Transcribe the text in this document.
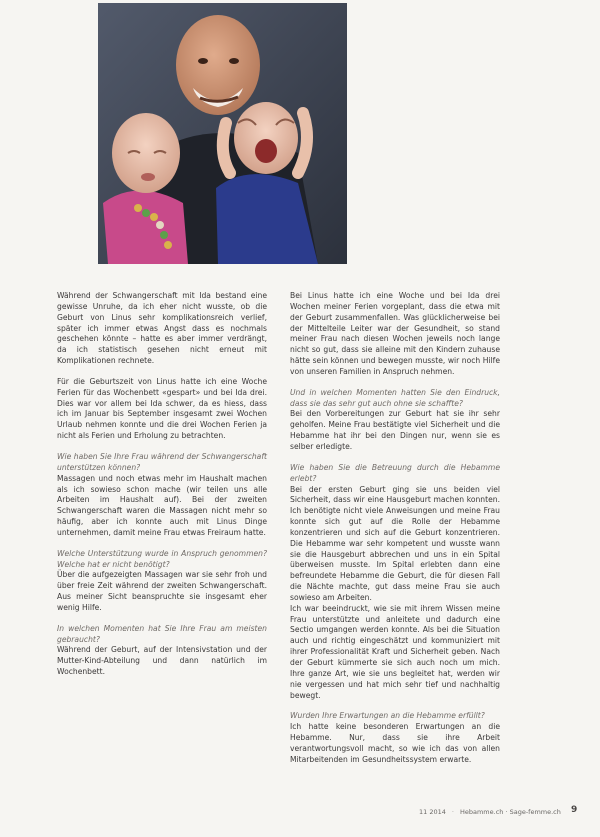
Während der Schwangerschaft mit Ida bestand eine gewisse Unruhe, da ich eher nicht wusste, ob die Geburt von Linus sehr komplikationsreich verlief, später ich immer etwas Angst dass es nochmals geschehen könnte – hatte es aber immer verdrängt, da ich statistisch gesehen nicht erneut mit Komplikationen rechnete.

Für die Geburtszeit von Linus hatte ich eine Woche Ferien für das Wochenbett «gespart» und bei Ida drei. Dies war vor allem bei Ida schwer, da es hiess, dass ich im Januar bis September insgesamt zwei Wochen Urlaub nehmen konnte und die drei Wochen Ferien ja nicht als Ferien und Erholung zu betrachten.

Wie haben Sie Ihre Frau während der Schwangerschaft unterstützen können?

Massagen und noch etwas mehr im Haushalt machen als ich sowieso schon mache (wir teilen uns alle Arbeiten im Haushalt auf). Bei der zweiten Schwangerschaft waren die Massagen nicht mehr so häufig, aber ich konnte auch mit Linus Dinge unternehmen, damit meine Frau etwas Freiraum hatte.

Welche Unterstützung wurde in Anspruch genommen? Welche hat er nicht benötigt?

Über die aufgezeigten Massagen war sie sehr froh und über freie Zeit während der zweiten Schwangerschaft. Aus meiner Sicht beanspruchte sie insgesamt eher wenig Hilfe.

In welchen Momenten hat Sie Ihre Frau am meisten gebraucht?

Während der Geburt, auf der Intensivstation und der Mutter-Kind-Abteilung und dann natürlich im Wochenbett.

Bei Linus hatte ich eine Woche und bei Ida drei Wochen meiner Ferien vorgeplant, dass die etwa mit der Geburt zusammenfallen. Was glücklicherweise bei der Mittelteile Leiter war der Gesundheit, so stand meiner Frau nach diesen Wochen jeweils noch lange nicht so gut, dass sie alleine mit den Kindern zuhause hätte sein können und bewegen musste, wir noch Hilfe von unseren Familien in Anspruch nehmen.

Und in welchen Momenten hatten Sie den Eindruck, dass sie das sehr gut auch ohne sie schaffte?

Bei den Vorbereitungen zur Geburt hat sie ihr sehr geholfen. Meine Frau bestätigte viel Sicherheit und die Hebamme hat ihr bei den Dingen nur, wenn sie es selber erledigte.

Wie haben Sie die Betreuung durch die Hebamme erlebt?

Bei der ersten Geburt ging sie uns beiden viel Sicherheit, dass wir eine Hausgeburt machen konnten. Ich benötigte nicht viele Anweisungen und meine Frau konnte sich gut auf die Rolle der Hebamme konzentrieren und sich auf die Geburt konzentrieren. Die Hebamme war sehr kompetent und wusste wann sie die Hausgeburt abbrechen und uns in ein Spital überweisen musste. Im Spital erlebten dann eine befreundete Hebamme die Geburt, die für diesen Fall die Nächte machte, gut dass meine Frau sie auch sowieso am Arbeiten.

Ich war beeindruckt, wie sie mit ihrem Wissen meine Frau unterstützte und anleitete und dadurch eine Sectio umgangen werden konnte. Als bei die Situation auch und richtig eingeschätzt und kommuniziert mit ihrer Professionalität Kraft und Sicherheit geben. Nach der Geburt kümmerte sie sich auch noch um mich. Ihre ganze Art, wie sie uns begleitet hat, werden wir nie vergessen und hat mich sehr tief und nachhaltig bewegt.

Wurden Ihre Erwartungen an die Hebamme erfüllt?

Ich hatte keine besonderen Erwartungen an die Hebamme. Nur, dass sie ihre Arbeit verantwortungsvoll macht, so wie ich das von allen Mitarbeitenden im Gesundheitssystem erwarte.

11 2014 · Hebamme.ch · Sage-femme.ch 9
